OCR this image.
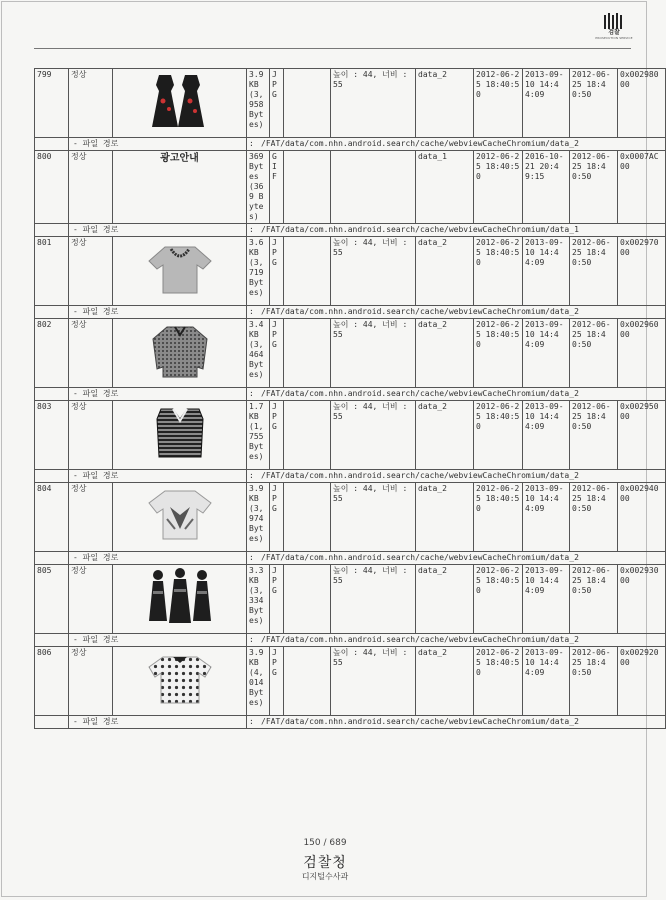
검찰
PROSECUTION SERVICE
799	정상		3.9 KB (3,958 Bytes)	JPG		높이 : 44, 너비 : 55	data_2	2012-06-25 18:40:50	2013-09-10 14:44:09	2012-06-25 18:40:50	0x00298000
	- 파일 경로		: /FAT/data/com.nhn.android.search/cache/webviewCacheChromium/data_2								
800	정상	광고안내	369 Bytes (369 Bytes)	GIF			data_1	2012-06-25 18:40:50	2016-10-21 20:49:15	2012-06-25 18:40:50	0x0007AC00
	- 파일 경로		: /FAT/data/com.nhn.android.search/cache/webviewCacheChromium/data_1								
801	정상		3.6 KB (3,719 Bytes)	JPG		높이 : 44, 너비 : 55	data_2	2012-06-25 18:40:50	2013-09-10 14:44:09	2012-06-25 18:40:50	0x00297000
	- 파일 경로		: /FAT/data/com.nhn.android.search/cache/webviewCacheChromium/data_2								
802	정상		3.4 KB (3,464 Bytes)	JPG		높이 : 44, 너비 : 55	data_2	2012-06-25 18:40:50	2013-09-10 14:44:09	2012-06-25 18:40:50	0x00296000
	- 파일 경로		: /FAT/data/com.nhn.android.search/cache/webviewCacheChromium/data_2								
803	정상		1.7 KB (1,755 Bytes)	JPG		높이 : 44, 너비 : 55	data_2	2012-06-25 18:40:50	2013-09-10 14:44:09	2012-06-25 18:40:50	0x00295000
	- 파일 경로		: /FAT/data/com.nhn.android.search/cache/webviewCacheChromium/data_2								
804	정상		3.9 KB (3,974 Bytes)	JPG		높이 : 44, 너비 : 55	data_2	2012-06-25 18:40:50	2013-09-10 14:44:09	2012-06-25 18:40:50	0x00294000
	- 파일 경로		: /FAT/data/com.nhn.android.search/cache/webviewCacheChromium/data_2								
805	정상		3.3 KB (3,334 Bytes)	JPG		높이 : 44, 너비 : 55	data_2	2012-06-25 18:40:50	2013-09-10 14:44:09	2012-06-25 18:40:50	0x00293000
	- 파일 경로		: /FAT/data/com.nhn.android.search/cache/webviewCacheChromium/data_2								
806	정상		3.9 KB (4,014 Bytes)	JPG		높이 : 44, 너비 : 55	data_2	2012-06-25 18:40:50	2013-09-10 14:44:09	2012-06-25 18:40:50	0x00292000
	- 파일 경로		: /FAT/data/com.nhn.android.search/cache/webviewCacheChromium/data_2								
150 / 689
검찰청
디지털수사과
